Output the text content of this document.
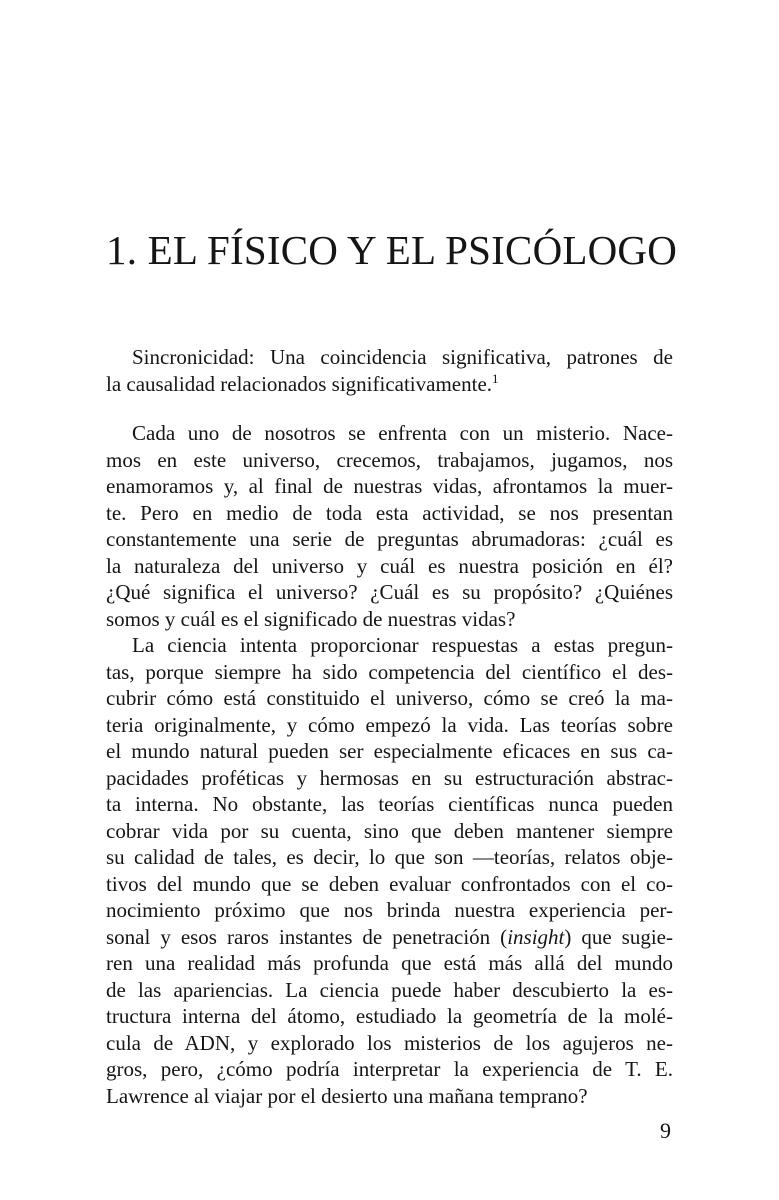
1. EL FÍSICO Y EL PSICÓLOGO
Sincronicidad: Una coincidencia significativa, patrones de
la causalidad relacionados significativamente.$^1$
Cada uno de nosotros se enfrenta con un misterio. Nace-
mos en este universo, crecemos, trabajamos, jugamos, nos
enamoramos y, al final de nuestras vidas, afrontamos la muer-
te. Pero en medio de toda esta actividad, se nos presentan
constantemente una serie de preguntas abrumadoras: ¿cuál es
la naturaleza del universo y cuál es nuestra posición en él?
¿Qué significa el universo? ¿Cuál es su propósito? ¿Quiénes
somos y cuál es el significado de nuestras vidas?
La ciencia intenta proporcionar respuestas a estas pregun-
tas, porque siempre ha sido competencia del científico el des-
cubrir cómo está constituido el universo, cómo se creó la ma-
teria originalmente, y cómo empezó la vida. Las teorías sobre
el mundo natural pueden ser especialmente eficaces en sus ca-
pacidades proféticas y hermosas en su estructuración abstrac-
ta interna. No obstante, las teorías científicas nunca pueden
cobrar vida por su cuenta, sino que deben mantener siempre
su calidad de tales, es decir, lo que son —teorías, relatos obje-
tivos del mundo que se deben evaluar confrontados con el co-
nocimiento próximo que nos brinda nuestra experiencia per-
sonal y esos raros instantes de penetración (insight) que sugie-
ren una realidad más profunda que está más allá del mundo
de las apariencias. La ciencia puede haber descubierto la es-
tructura interna del átomo, estudiado la geometría de la molé-
cula de ADN, y explorado los misterios de los agujeros ne-
gros, pero, ¿cómo podría interpretar la experiencia de T. E.
Lawrence al viajar por el desierto una mañana temprano?
9
